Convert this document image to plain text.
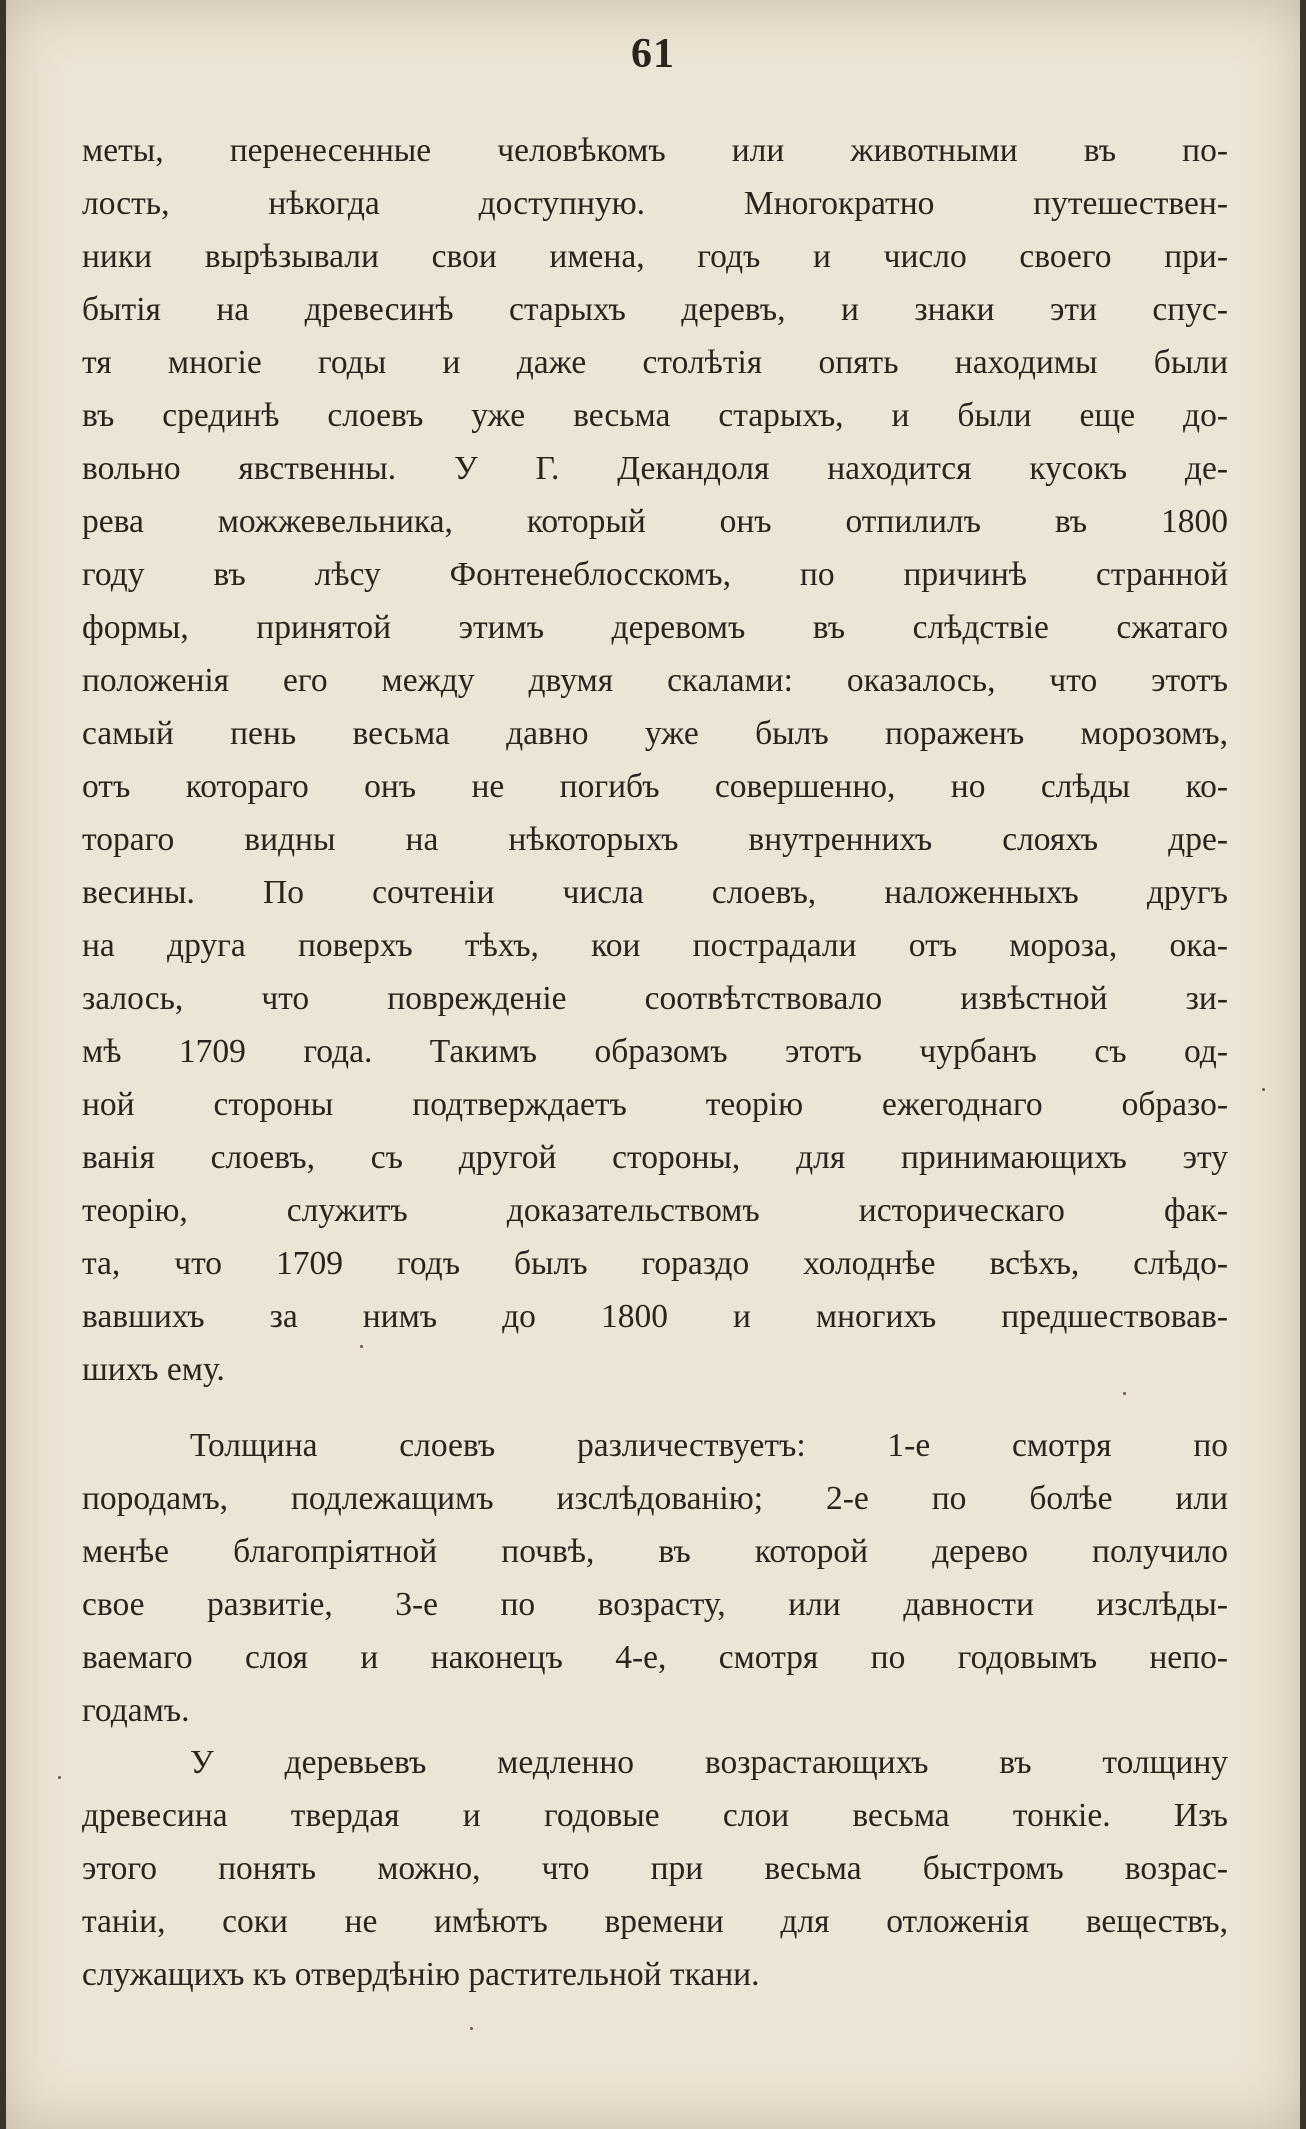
61
меты, перенесенные человѣкомъ или животными въ по-
лость, нѣкогда доступную. Многократно путешествен-
ники вырѣзывали свои имена, годъ и число своего при-
бытія на древесинѣ старыхъ деревъ, и знаки эти спус-
тя многіе годы и даже столѣтія опять находимы были
въ срединѣ слоевъ уже весьма старыхъ, и были еще до-
вольно явственны. У Г. Декандоля находится кусокъ де-
рева можжевельника, который онъ отпилилъ въ 1800
году въ лѣсу Фонтенеблосскомъ, по причинѣ странной
формы, принятой этимъ деревомъ въ слѣдствіе сжатаго
положенія его между двумя скалами: оказалось, что этотъ
самый пень весьма давно уже былъ пораженъ морозомъ,
отъ котораго онъ не погибъ совершенно, но слѣды ко-
тораго видны на нѣкоторыхъ внутреннихъ слояхъ дре-
весины. По сочтеніи числа слоевъ, наложенныхъ другъ
на друга поверхъ тѣхъ, кои пострадали отъ мороза, ока-
залось, что поврежденіе соотвѣтствовало извѣстной зи-
мѣ 1709 года. Такимъ образомъ этотъ чурбанъ съ од-
ной стороны подтверждаетъ теорію ежегоднаго образо-
ванія слоевъ, съ другой стороны, для принимающихъ эту
теорію, служитъ доказательствомъ историческаго фак-
та, что 1709 годъ былъ гораздо холоднѣе всѣхъ, слѣдо-
вавшихъ за нимъ до 1800 и многихъ предшествовав-
шихъ ему.
Толщина слоевъ различествуетъ: 1-е смотря по
породамъ, подлежащимъ изслѣдованію; 2-е по болѣе или
менѣе благопріятной почвѣ, въ которой дерево получило
свое развитіе, 3-е по возрасту, или давности изслѣды-
ваемаго слоя и наконецъ 4-е, смотря по годовымъ непо-
годамъ.
У деревьевъ медленно возрастающихъ въ толщину
древесина твердая и годовые слои весьма тонкіе. Изъ
этого понять можно, что при весьма быстромъ возрас-
таніи, соки не имѣютъ времени для отложенія веществъ,
служащихъ къ отвердѣнію растительной ткани.
